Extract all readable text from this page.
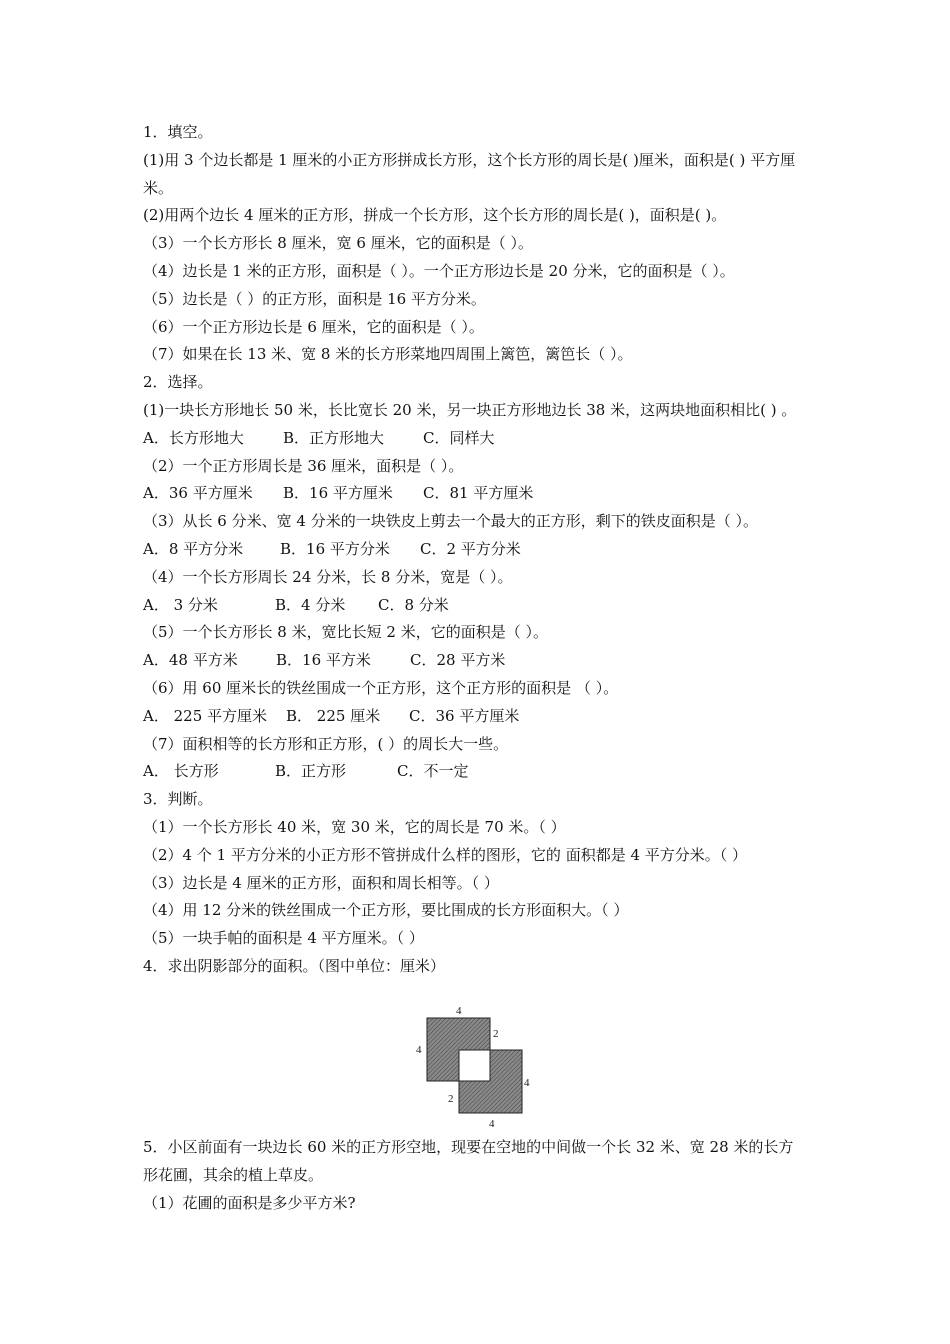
1．填空。
(1)用 3 个边长都是 1 厘米的小正方形拼成长方形，这个长方形的周长是( )厘米，面积是( ) 平方厘米。
(2)用两个边长 4 厘米的正方形，拼成一个长方形，这个长方形的周长是( )，面积是( )。
（3）一个长方形长 8 厘米，宽 6 厘米，它的面积是（ ）。
（4）边长是 1 米的正方形，面积是（ ）。一个正方形边长是 20 分米，它的面积是（ ）。
（5）边长是（ ）的正方形，面积是 16 平方分米。
（6）一个正方形边长是 6 厘米，它的面积是（ ）。
（7）如果在长 13 米、宽 8 米的长方形菜地四周围上篱笆，篱笆长（ ）。
2．选择。
(1)一块长方形地长 50 米，长比宽长 20 米，另一块正方形地边长 38 米，这两块地面积相比( ) 。
A．长方形地大	B．正方形地大	C．同样大
（2）一个正方形周长是 36 厘米，面积是（ ）。
A．36 平方厘米 B．16 平方厘米 C．81 平方厘米
（3）从长 6 分米、宽 4 分米的一块铁皮上剪去一个最大的正方形，剩下的铁皮面积是（ ）。
A．8 平方分米 B．16 平方分米 C．2 平方分米
（4）一个长方形周长 24 分米，长 8 分米，宽是（ ）。
A． 3 分米	B．4 分米 C．8 分米
（5）一个长方形长 8 米，宽比长短 2 米，它的面积是（ ）。
A．48 平方米	B．16 平方米	C．28 平方米
（6）用 60 厘米长的铁丝围成一个正方形，这个正方形的面积是 （ ）。
A． 225 平方厘米 B． 225 厘米 C．36 平方厘米
（7）面积相等的长方形和正方形，( ）的周长大一些。
A． 长方形	B．正方形	C．不一定
3．判断。
（1）一个长方形长 40 米，宽 30 米，它的周长是 70 米。（ ）
（2）4 个 1 平方分米的小正方形不管拼成什么样的图形，它的 面积都是 4 平方分米。（ ）
（3）边长是 4 厘米的正方形，面积和周长相等。（ ）
（4）用 12 分米的铁丝围成一个正方形，要比围成的长方形面积大。（ ）
（5）一块手帕的面积是 4 平方厘米。（ ）
4．求出阴影部分的面积。（图中单位：厘米）
4
4
2
4
2
4
5．小区前面有一块边长 60 米的正方形空地，现要在空地的中间做一个长 32 米、宽 28 米的长方形花圃，其余的植上草皮。
（1）花圃的面积是多少平方米?
